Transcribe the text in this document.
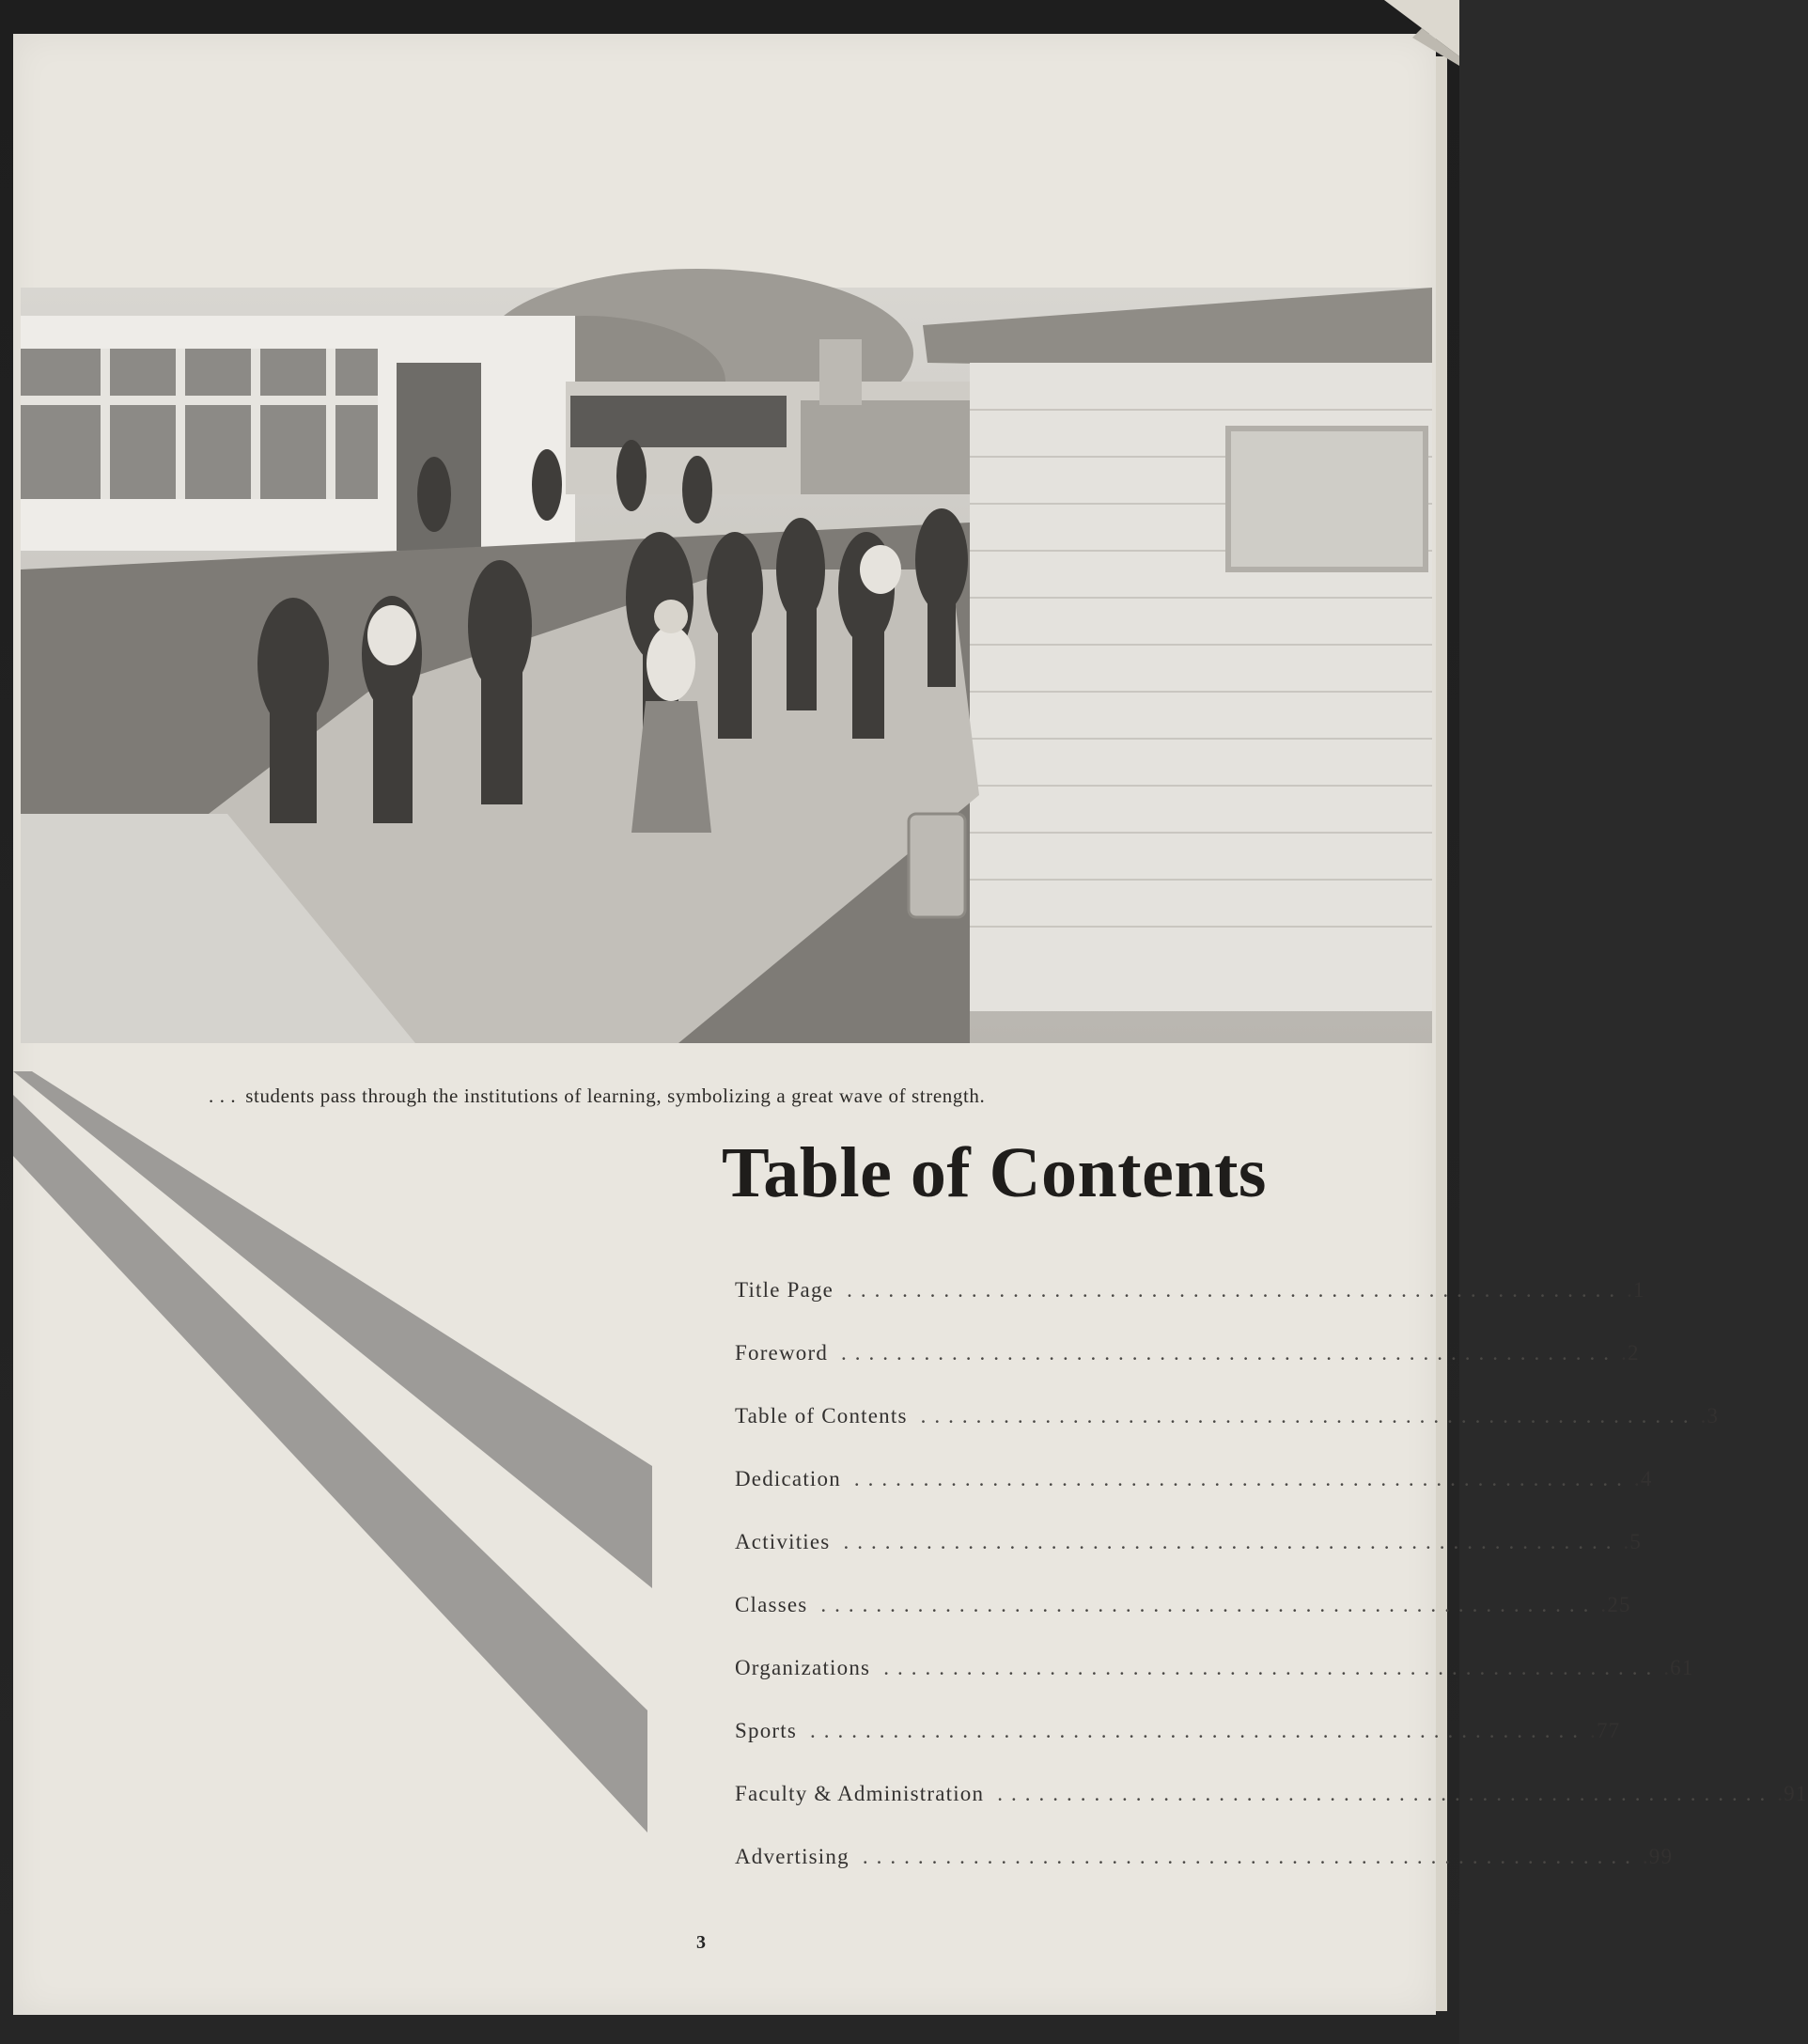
. . . students pass through the institutions of learning, symbolizing a great wave of strength.
Table of Contents
Title Page ........................................................ .1
Foreword ........................................................ .2
Table of Contents ........................................................ .3
Dedication ........................................................ .4
Activities ........................................................ .5
Classes ........................................................ .25
Organizations ........................................................ .61
Sports ........................................................ .77
Faculty & Administration ........................................................ .91
Advertising ........................................................ .99
3
